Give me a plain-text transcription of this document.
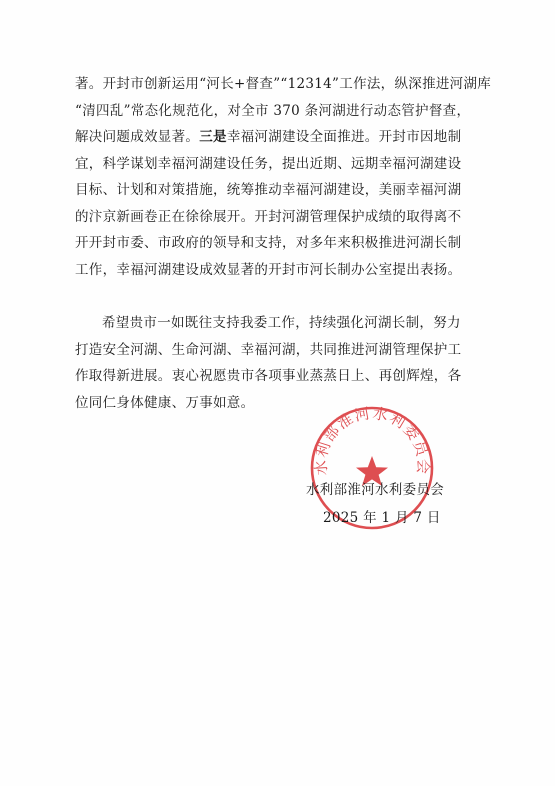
著。开封市创新运用“河长+督查”“12314”工作法，纵深推进河湖库
“清四乱”常态化规范化，对全市 370 条河湖进行动态管护督查，
解决问题成效显著。三是幸福河湖建设全面推进。开封市因地制
宜，科学谋划幸福河湖建设任务，提出近期、远期幸福河湖建设
目标、计划和对策措施，统筹推动幸福河湖建设，美丽幸福河湖
的汴京新画卷正在徐徐展开。开封河湖管理保护成绩的取得离不
开开封市委、市政府的领导和支持，对多年来积极推进河湖长制
工作，幸福河湖建设成效显著的开封市河长制办公室提出表扬。
希望贵市一如既往支持我委工作，持续强化河湖长制，努力
打造安全河湖、生命河湖、幸福河湖，共同推进河湖管理保护工
作取得新进展。衷心祝愿贵市各项事业蒸蒸日上、再创辉煌，各
位同仁身体健康、万事如意。
水利部淮河水利委员会
水利部淮河水利委员会
2025 年 1 月 7 日
